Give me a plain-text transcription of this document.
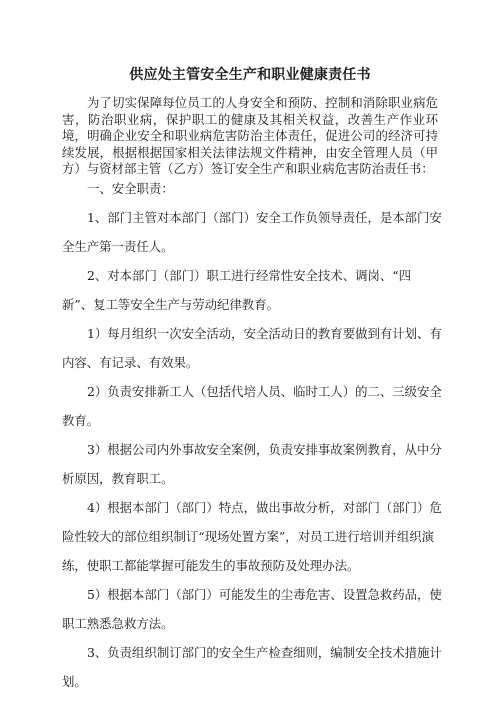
供应处主管安全生产和职业健康责任书

为了切实保障每位员工的人身安全和预防、控制和消除职业病危害，防治职业病，保护职工的健康及其相关权益，改善生产作业环境，明确企业安全和职业病危害防治主体责任，促进公司的经济可持续发展，根据根据国家相关法律法规文件精神，由安全管理人员（甲方）与资材部主管（乙方）签订安全生产和职业病危害防治责任书：

一、安全职责：

1、部门主管对本部门（部门）安全工作负领导责任，是本部门安全生产第一责任人。

2、对本部门（部门）职工进行经常性安全技术、调岗、“四新”、复工等安全生产与劳动纪律教育。

1）每月组织一次安全活动，安全活动日的教育要做到有计划、有内容、有记录、有效果。

2）负责安排新工人（包括代培人员、临时工人）的二、三级安全教育。

3）根据公司内外事故安全案例，负责安排事故案例教育，从中分析原因，教育职工。

4）根据本部门（部门）特点，做出事故分析，对部门（部门）危险性较大的部位组织制订“现场处置方案”，对员工进行培训并组织演练，使职工都能掌握可能发生的事故预防及处理办法。

5）根据本部门（部门）可能发生的尘毒危害、设置急救药品，使职工熟悉急救方法。

3、负责组织制订部门的安全生产检查细则，编制安全技术措施计划。
